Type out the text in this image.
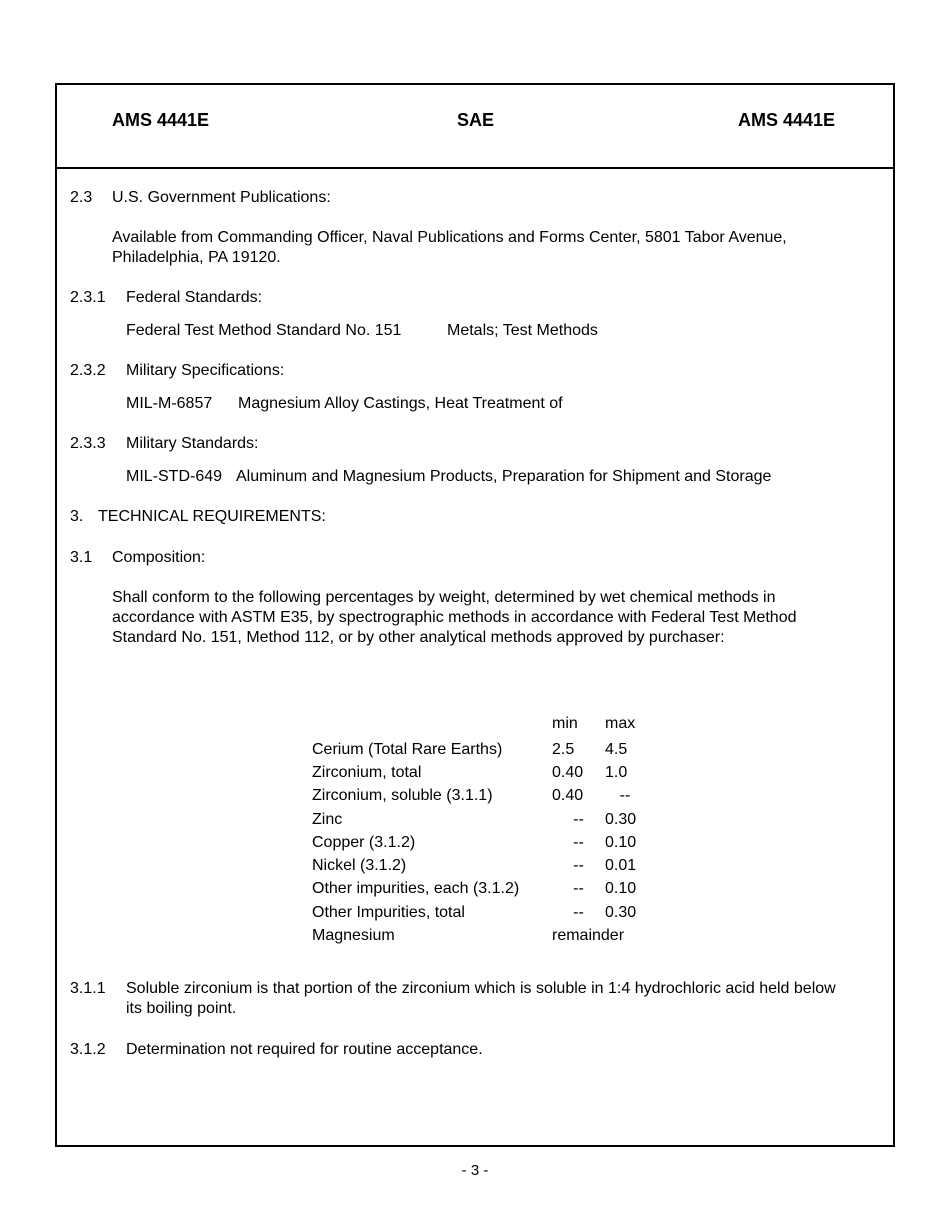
AMS 4441E	SAE	AMS 4441E
2.3 U.S. Government Publications:
Available from Commanding Officer, Naval Publications and Forms Center, 5801 Tabor Avenue, Philadelphia, PA 19120.
2.3.1 Federal Standards:
Federal Test Method Standard No. 151	Metals; Test Methods
2.3.2 Military Specifications:
MIL-M-6857 Magnesium Alloy Castings, Heat Treatment of
2.3.3 Military Standards:
MIL-STD-649 Aluminum and Magnesium Products, Preparation for Shipment and Storage
3. TECHNICAL REQUIREMENTS:
3.1 Composition:
Shall conform to the following percentages by weight, determined by wet chemical methods in accordance with ASTM E35, by spectrographic methods in accordance with Federal Test Method Standard No. 151, Method 112, or by other analytical methods approved by purchaser:
	min	max
Cerium (Total Rare Earths)	2.5	4.5
Zirconium, total	0.40	1.0
Zirconium, soluble (3.1.1)	0.40	--
Zinc	--	0.30
Copper (3.1.2)	--	0.10
Nickel (3.1.2)	--	0.01
Other impurities, each (3.1.2)	--	0.10
Other Impurities, total	--	0.30
Magnesium	remainder	
3.1.1 Soluble zirconium is that portion of the zirconium which is soluble in 1:4 hydrochloric acid held below its boiling point.
3.1.2 Determination not required for routine acceptance.
- 3 -
